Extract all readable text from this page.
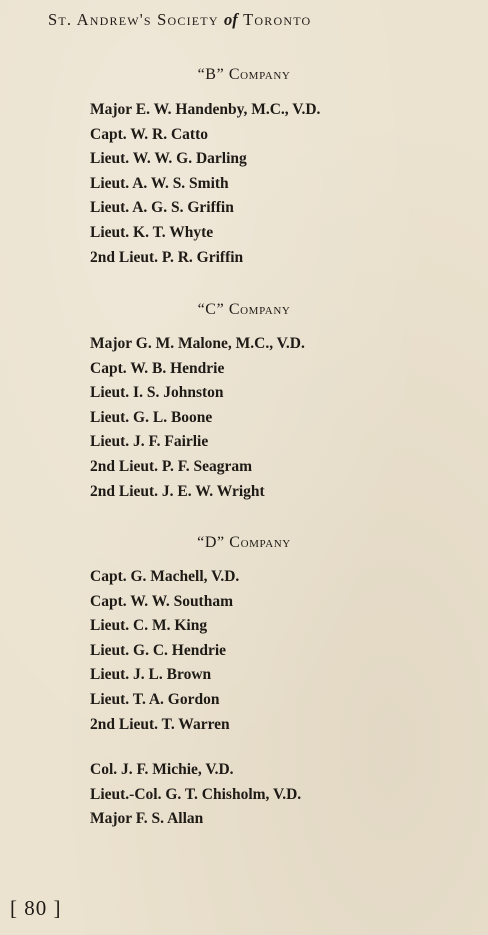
St. Andrew's Society of Toronto
“B” Company
Major E. W. Handenby, M.C., V.D.
Capt. W. R. Catto
Lieut. W. W. G. Darling
Lieut. A. W. S. Smith
Lieut. A. G. S. Griffin
Lieut. K. T. Whyte
2nd Lieut. P. R. Griffin
“C” Company
Major G. M. Malone, M.C., V.D.
Capt. W. B. Hendrie
Lieut. I. S. Johnston
Lieut. G. L. Boone
Lieut. J. F. Fairlie
2nd Lieut. P. F. Seagram
2nd Lieut. J. E. W. Wright
“D” Company
Capt. G. Machell, V.D.
Capt. W. W. Southam
Lieut. C. M. King
Lieut. G. C. Hendrie
Lieut. J. L. Brown
Lieut. T. A. Gordon
2nd Lieut. T. Warren
Col. J. F. Michie, V.D.
Lieut.-Col. G. T. Chisholm, V.D.
Major F. S. Allan
[ 80 ]
